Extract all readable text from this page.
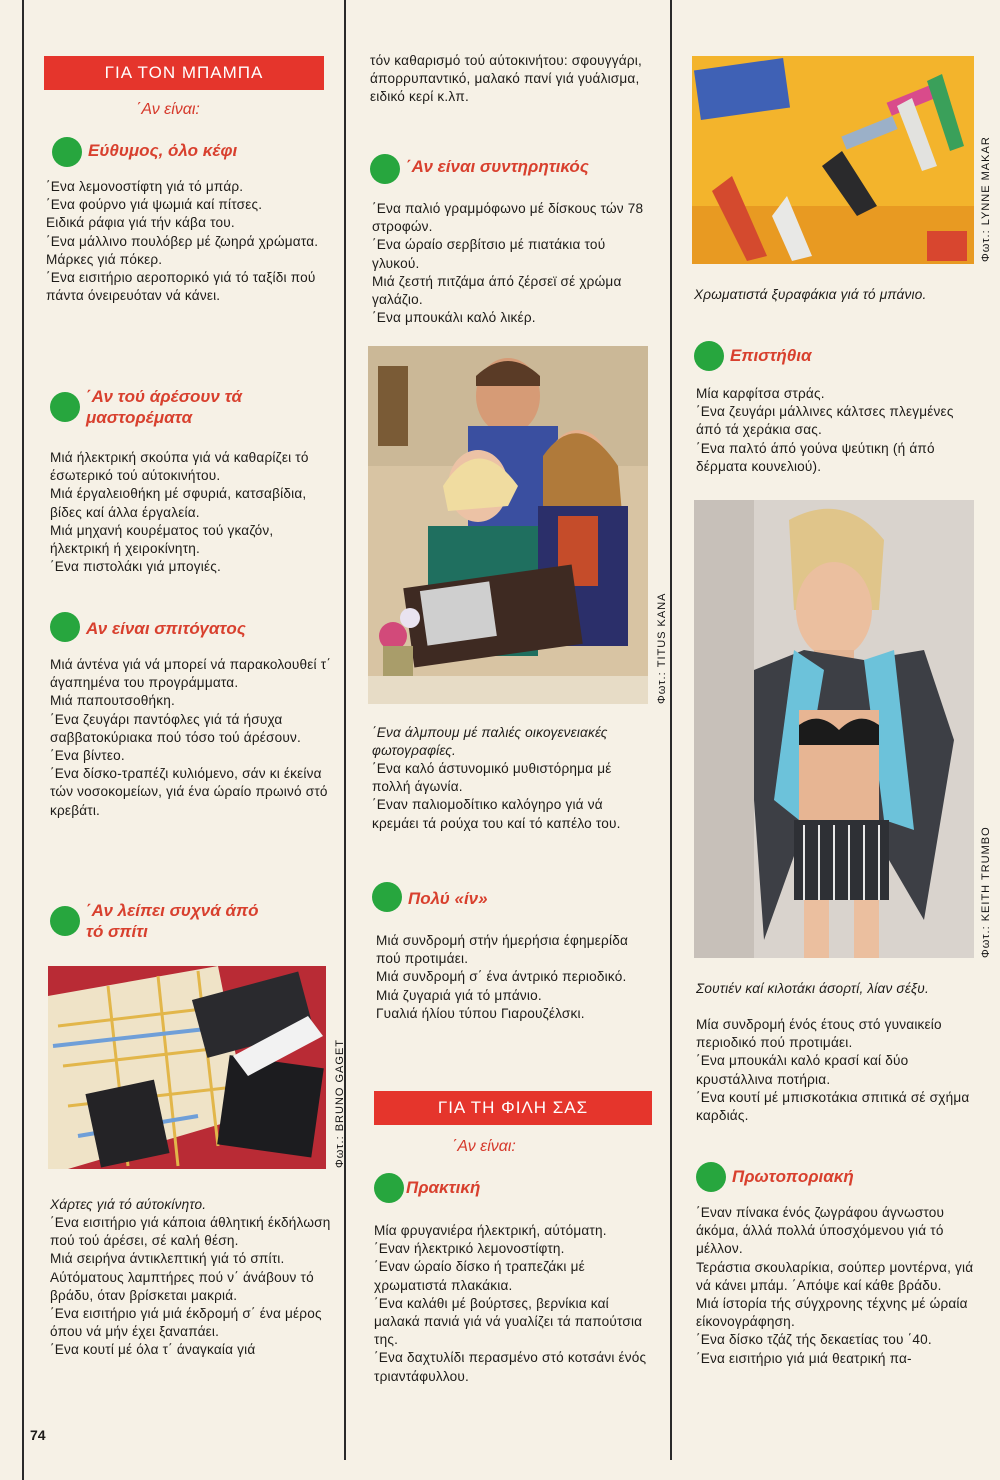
ΓΙΑ ΤΟΝ ΜΠΑΜΠΑ
΄Αν είναι:
Εύθυμος, όλο κέφι
΄Ενα λεμονοστίφτη γιά τό μπάρ.
΄Ενα φούρνο γιά ψωμιά καί πίτσες.
Ειδικά ράφια γιά τήν κάβα του.
΄Ενα μάλλινο πουλόβερ μέ ζωηρά χρώματα.
Μάρκες γιά πόκερ.
΄Ενα εισιτήριο αεροπορικό γιά τό ταξίδι πού πάντα όνειρευόταν νά κάνει.
΄Αν τού άρέσουν τά μαστορέματα
Μιά ήλεκτρική σκούπα γιά νά καθαρίζει τό έσωτερικό τού αύτοκινήτου.
Μιά έργαλειοθήκη μέ σφυριά, κατσαβίδια, βίδες καί άλλα έργαλεία.
Μιά μηχανή κουρέματος τού γκαζόν, ήλεκτρική ή χειροκίνητη.
΄Ενα πιστολάκι γιά μπογιές.
Αν είναι σπιτόγατος
Μιά άντένα γιά νά μπορεί νά παρακολουθεί τ΄ άγαπημένα του προγράμματα.
Μιά παπουτσοθήκη.
΄Ενα ζευγάρι παντόφλες γιά τά ήσυχα σαββατοκύριακα πού τόσο τού άρέσουν.
΄Ενα βίντεο.
΄Ενα δίσκο-τραπέζι κυλιόμενο, σάν κι έκείνα τών νοσοκομείων, γιά ένα ώραίο πρωινό στό κρεβάτι.
΄Αν λείπει συχνά άπό τό σπίτι
Φωτ.: BRUNO GAGET
Χάρτες γιά τό αύτοκίνητο.
΄Ενα εισιτήριο γιά κάποια άθλητική έκδήλωση πού τού άρέσει, σέ καλή θέση.
Μιά σειρήνα άντικλεπτική γιά τό σπίτι.
Αύτόματους λαμπτήρες πού ν΄ άνάβουν τό βράδυ, όταν βρίσκεται μακριά.
΄Ενα εισιτήριο γιά μιά έκδρομή σ΄ ένα μέρος όπου νά μήν έχει ξαναπάει.
΄Ενα κουτί μέ όλα τ΄ άναγκαία γιά
τόν καθαρισμό τού αύτοκινήτου: σφουγγάρι, άπορρυπαντικό, μαλακό πανί γιά γυάλισμα, ειδικό κερί κ.λπ.
΄Αν είναι συντηρητικός
΄Ενα παλιό γραμμόφωνο μέ δίσκους τών 78 στροφών.
΄Ενα ώραίο σερβίτσιο μέ πιατάκια τού γλυκού.
Μιά ζεστή πιτζάμα άπό ζέρσεϊ σέ χρώμα γαλάζιο.
΄Ενα μπουκάλι καλό λικέρ.
Φωτ.: TITUS KANA
΄Ενα άλμπουμ μέ παλιές οικογενειακές φωτογραφίες.
΄Ενα καλό άστυνομικό μυθιστόρημα μέ πολλή άγωνία.
΄Εναν παλιομοδίτικο καλόγηρο γιά νά κρεμάει τά ρούχα του καί τό καπέλο του.
Πολύ «ίν»
Μιά συνδρομή στήν ήμερήσια έφημερίδα πού προτιμάει.
Μιά συνδρομή σ΄ ένα άντρικό περιοδικό.
Μιά ζυγαριά γιά τό μπάνιο.
Γυαλιά ήλίου τύπου Γιαρουζέλσκι.
ΓΙΑ ΤΗ ΦΙΛΗ ΣΑΣ
΄Αν είναι:
Πρακτική
Μία φρυγανιέρα ήλεκτρική, αύτόματη.
΄Εναν ήλεκτρικό λεμονοστίφτη.
΄Εναν ώραίο δίσκο ή τραπεζάκι μέ χρωματιστά πλακάκια.
΄Ενα καλάθι μέ βούρτσες, βερνίκια καί μαλακά πανιά γιά νά γυαλίζει τά παπούτσια της.
΄Ενα δαχτυλίδι περασμένο στό κοτσάνι ένός τριαντάφυλλου.
Φωτ.: LYNNE MAKAR
Χρωματιστά ξυραφάκια γιά τό μπάνιο.
Επιστήθια
Μία καρφίτσα στράς.
΄Ενα ζευγάρι μάλλινες κάλτσες πλεγμένες άπό τά χεράκια σας.
΄Ενα παλτό άπό γούνα ψεύτικη (ή άπό δέρματα κουνελιού).
Φωτ.: KEITH TRUMBO
Σουτιέν καί κιλοτάκι άσορτί, λίαν σέξυ.
Μία συνδρομή ένός έτους στό γυναικείο περιοδικό πού προτιμάει.
΄Ενα μπουκάλι καλό κρασί καί δύο κρυστάλλινα ποτήρια.
΄Ενα κουτί μέ μπισκοτάκια σπιτικά σέ σχήμα καρδιάς.
Πρωτοποριακή
΄Εναν πίνακα ένός ζωγράφου άγνωστου άκόμα, άλλά πολλά ύποσχόμενου γιά τό μέλλον.
Τεράστια σκουλαρίκια, σούπερ μοντέρνα, γιά νά κάνει μπάμ. ΄Απόψε καί κάθε βράδυ.
Μιά ίστορία τής σύγχρονης τέχνης μέ ώραία είκονογράφηση.
΄Ενα δίσκο τζάζ τής δεκαετίας του ΄40.
΄Ενα εισιτήριο γιά μιά θεατρική πα-
74
